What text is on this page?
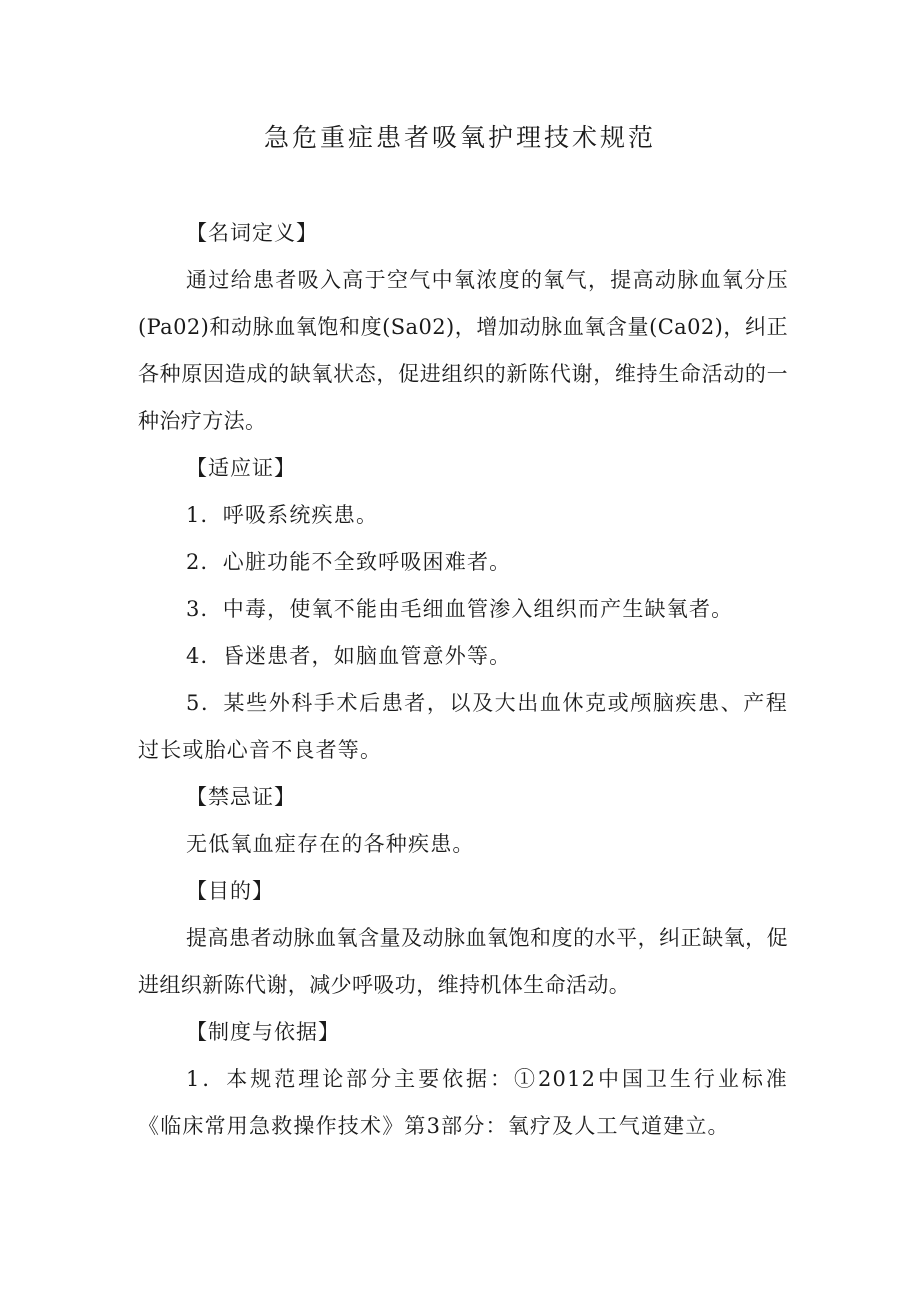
急危重症患者吸氧护理技术规范

【名词定义】

通过给患者吸入高于空气中氧浓度的氧气，提高动脉血氧分压(Pa02)和动脉血氧饱和度(Sa02)，增加动脉血氧含量(Ca02)，纠正各种原因造成的缺氧状态，促进组织的新陈代谢，维持生命活动的一种治疗方法。

【适应证】

1．呼吸系统疾患。

2．心脏功能不全致呼吸困难者。

3．中毒，使氧不能由毛细血管渗入组织而产生缺氧者。

4．昏迷患者，如脑血管意外等。

5．某些外科手术后患者，以及大出血休克或颅脑疾患、产程过长或胎心音不良者等。

【禁忌证】

无低氧血症存在的各种疾患。

【目的】

提高患者动脉血氧含量及动脉血氧饱和度的水平，纠正缺氧，促进组织新陈代谢，减少呼吸功，维持机体生命活动。

【制度与依据】

1．本规范理论部分主要依据：①2012中国卫生行业标准《临床常用急救操作技术》第3部分：氧疗及人工气道建立。
